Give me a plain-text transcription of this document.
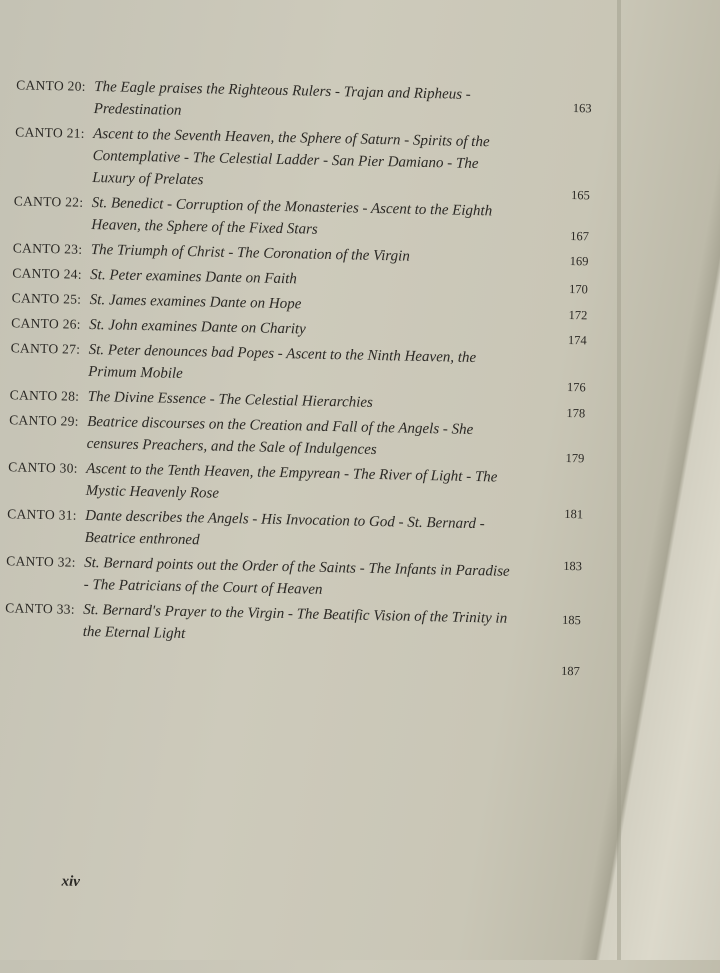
CANTO 20: The Eagle praises the Righteous Rulers - Trajan and Ripheus - Predestination
CANTO 21: Ascent to the Seventh Heaven, the Sphere of Saturn - Spirits of the Contemplative - The Celestial Ladder - San Pier Damiano - The Luxury of Prelates
CANTO 22: St. Benedict - Corruption of the Monasteries - Ascent to the Eighth Heaven, the Sphere of the Fixed Stars
CANTO 23: The Triumph of Christ - The Coronation of the Virgin
CANTO 24: St. Peter examines Dante on Faith
CANTO 25: St. James examines Dante on Hope
CANTO 26: St. John examines Dante on Charity
CANTO 27: St. Peter denounces bad Popes - Ascent to the Ninth Heaven, the Primum Mobile
CANTO 28: The Divine Essence - The Celestial Hierarchies
CANTO 29: Beatrice discourses on the Creation and Fall of the Angels - She censures Preachers, and the Sale of Indulgences
CANTO 30: Ascent to the Tenth Heaven, the Empyrean - The River of Light - The Mystic Heavenly Rose
CANTO 31: Dante describes the Angels - His Invocation to God - St. Bernard - Beatrice enthroned
CANTO 32: St. Bernard points out the Order of the Saints - The Infants in Paradise - The Patricians of the Court of Heaven
CANTO 33: St. Bernard's Prayer to the Virgin - The Beatific Vision of the Trinity in the Eternal Light
163
165
167
169
170
172
174
176
178
179
181
183
185
187
xiv
